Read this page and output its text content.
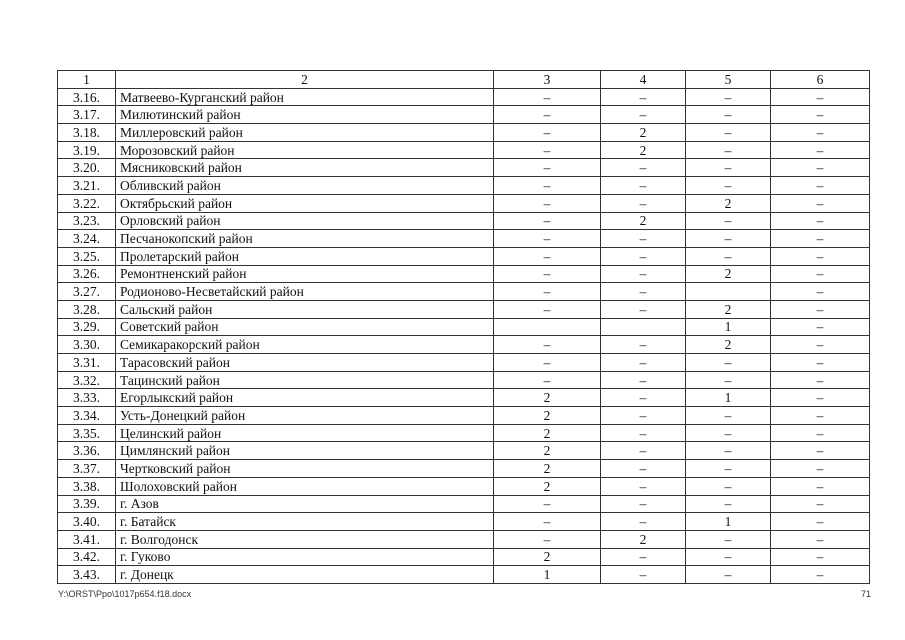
1	2	3	4	5	6
3.16.	Матвеево-Курганский район	–	–	–	–
3.17.	Милютинский район	–	–	–	–
3.18.	Миллеровский район	–	2	–	–
3.19.	Морозовский район	–	2	–	–
3.20.	Мясниковский район	–	–	–	–
3.21.	Обливский район	–	–	–	–
3.22.	Октябрьский район	–	–	2	–
3.23.	Орловский район	–	2	–	–
3.24.	Песчанокопский район	–	–	–	–
3.25.	Пролетарский район	–	–	–	–
3.26.	Ремонтненский район	–	–	2	–
3.27.	Родионово-Несветайский район	–	–		–
3.28.	Сальский район	–	–	2	–
3.29.	Советский район			1	–
3.30.	Семикаракорский район	–	–	2	–
3.31.	Тарасовский район	–	–	–	–
3.32.	Тацинский район	–	–	–	–
3.33.	Егорлыкский район	2	–	1	–
3.34.	Усть-Донецкий район	2	–	–	–
3.35.	Целинский район	2	–	–	–
3.36.	Цимлянский район	2	–	–	–
3.37.	Чертковский район	2	–	–	–
3.38.	Шолоховский район	2	–	–	–
3.39.	г. Азов	–	–	–	–
3.40.	г. Батайск	–	–	1	–
3.41.	г. Волгодонск	–	2	–	–
3.42.	г. Гуково	2	–	–	–
3.43.	г. Донецк	1	–	–	–
Y:\ORST\Ppo\1017p654.f18.docx	71
